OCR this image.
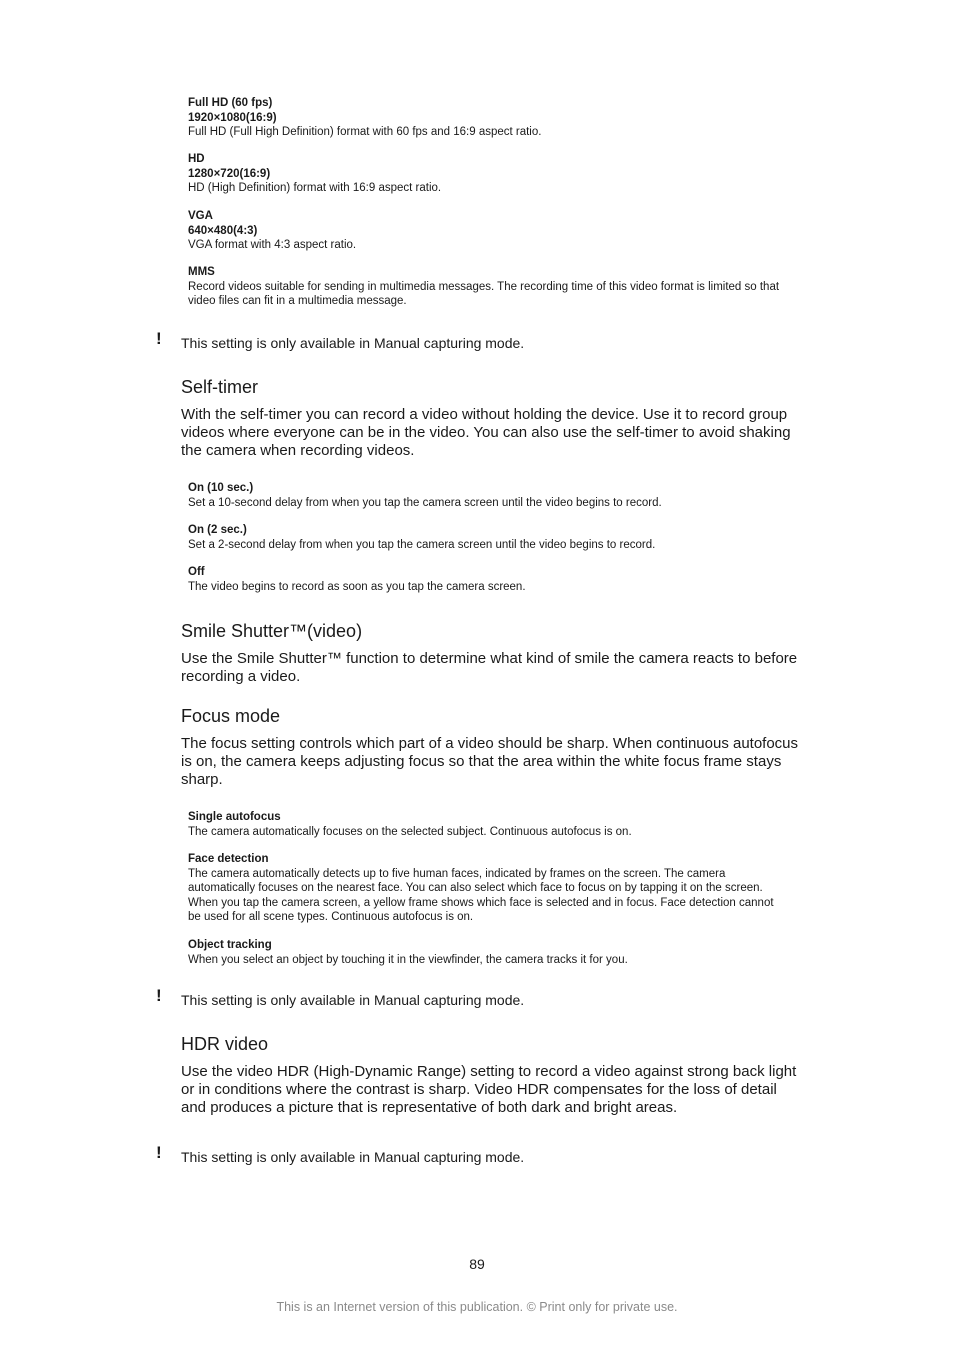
Full HD (60 fps)
1920×1080(16:9)
Full HD (Full High Definition) format with 60 fps and 16:9 aspect ratio.
HD
1280×720(16:9)
HD (High Definition) format with 16:9 aspect ratio.
VGA
640×480(4:3)
VGA format with 4:3 aspect ratio.
MMS
Record videos suitable for sending in multimedia messages. The recording time of this video format is limited so that video files can fit in a multimedia message.
! This setting is only available in Manual capturing mode.
Self-timer

With the self-timer you can record a video without holding the device. Use it to record group videos where everyone can be in the video. You can also use the self-timer to avoid shaking the camera when recording videos.

On (10 sec.)
Set a 10-second delay from when you tap the camera screen until the video begins to record.
On (2 sec.)
Set a 2-second delay from when you tap the camera screen until the video begins to record.
Off
The video begins to record as soon as you tap the camera screen.
Smile Shutter™(video)

Use the Smile Shutter™ function to determine what kind of smile the camera reacts to before recording a video.

Focus mode

The focus setting controls which part of a video should be sharp. When continuous autofocus is on, the camera keeps adjusting focus so that the area within the white focus frame stays sharp.

Single autofocus
The camera automatically focuses on the selected subject. Continuous autofocus is on.
Face detection
The camera automatically detects up to five human faces, indicated by frames on the screen. The camera automatically focuses on the nearest face. You can also select which face to focus on by tapping it on the screen. When you tap the camera screen, a yellow frame shows which face is selected and in focus. Face detection cannot be used for all scene types. Continuous autofocus is on.
Object tracking
When you select an object by touching it in the viewfinder, the camera tracks it for you.
! This setting is only available in Manual capturing mode.
HDR video

Use the video HDR (High-Dynamic Range) setting to record a video against strong back light or in conditions where the contrast is sharp. Video HDR compensates for the loss of detail and produces a picture that is representative of both dark and bright areas.

! This setting is only available in Manual capturing mode.
89
This is an Internet version of this publication. © Print only for private use.
